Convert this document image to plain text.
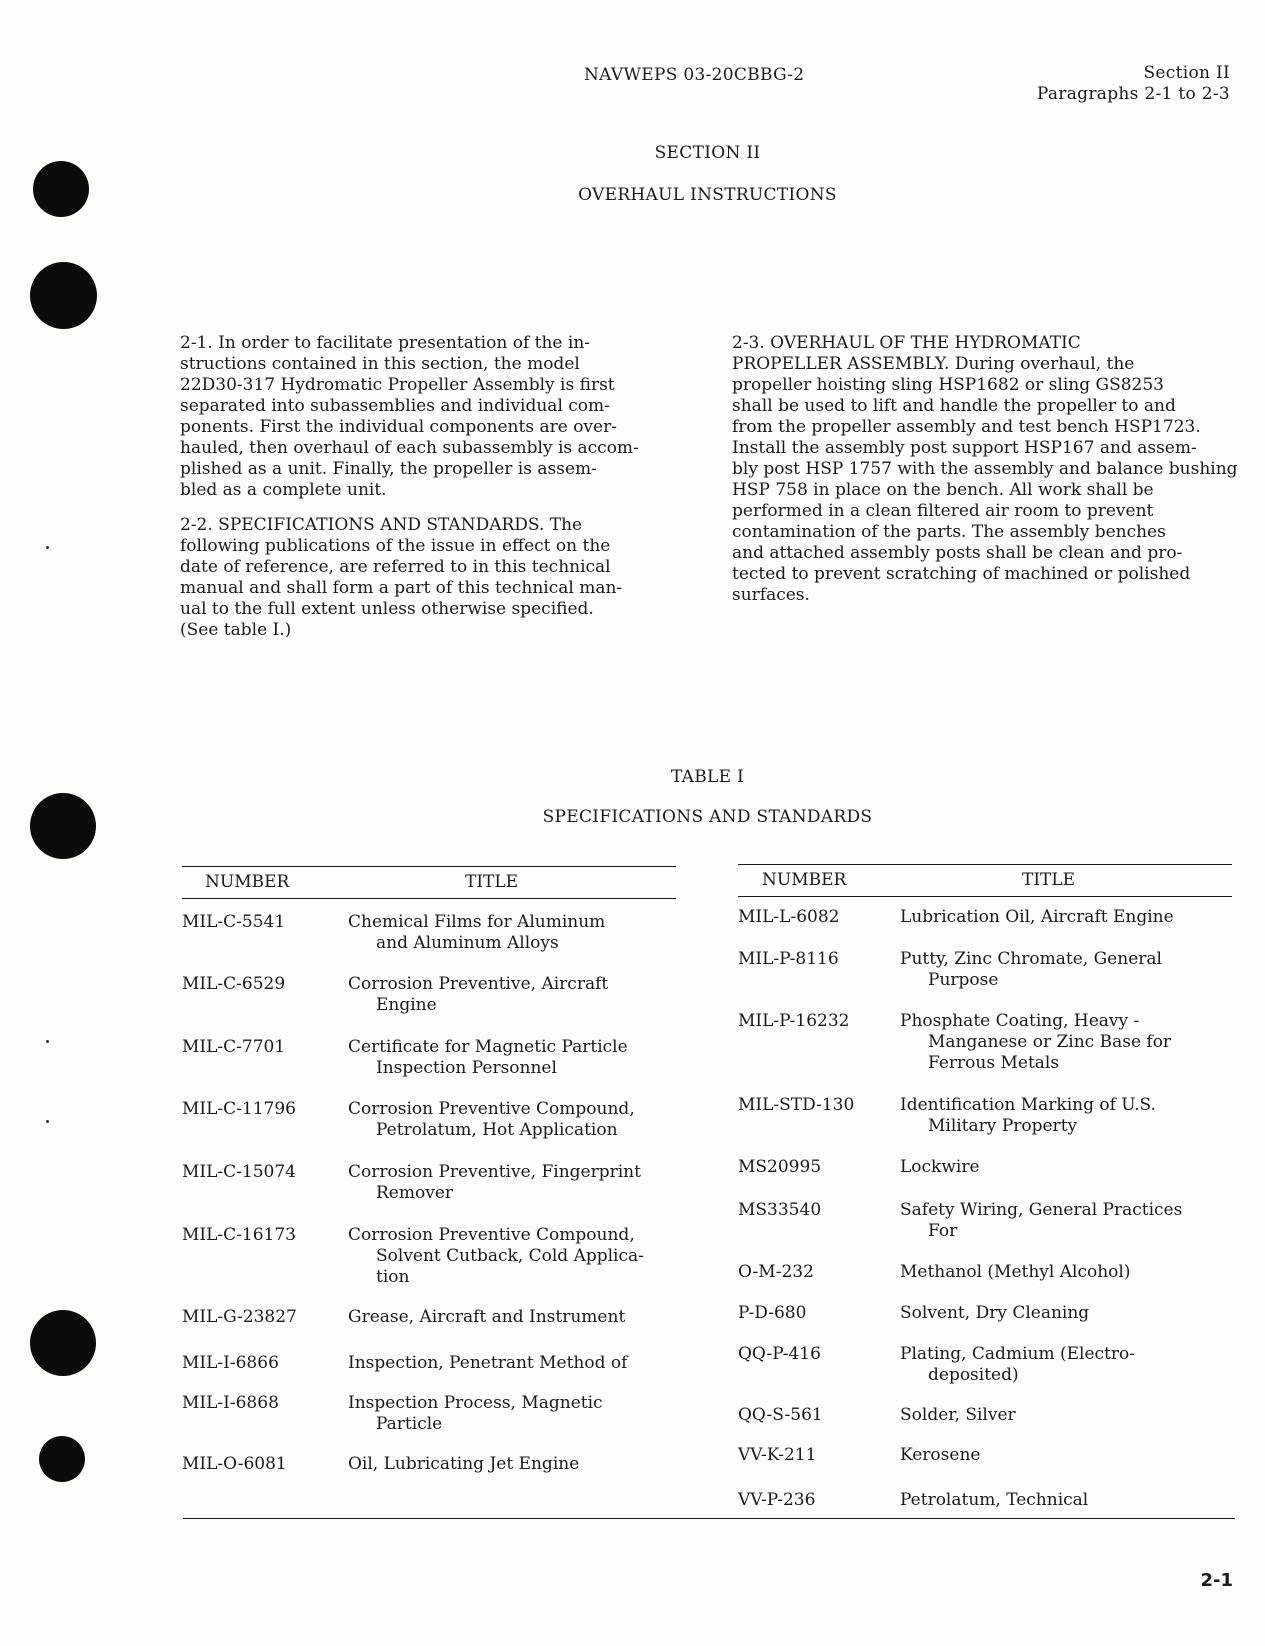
NAVWEPS 03-20CBBG-2	Section II
Paragraphs 2-1 to 2-3
SECTION II
OVERHAUL INSTRUCTIONS

2-1. In order to facilitate presentation of the in-
structions contained in this section, the model
22D30-317 Hydromatic Propeller Assembly is first
separated into subassemblies and individual com-
ponents. First the individual components are over-
hauled, then overhaul of each subassembly is accom-
plished as a unit. Finally, the propeller is assem-
bled as a complete unit.

2-2. SPECIFICATIONS AND STANDARDS. The
following publications of the issue in effect on the
date of reference, are referred to in this technical
manual and shall form a part of this technical man-
ual to the full extent unless otherwise specified.
(See table I.)

2-3. OVERHAUL OF THE HYDROMATIC
PROPELLER ASSEMBLY. During overhaul, the
propeller hoisting sling HSP1682 or sling GS8253
shall be used to lift and handle the propeller to and
from the propeller assembly and test bench HSP1723.
Install the assembly post support HSP167 and assem-
bly post HSP 1757 with the assembly and balance bushing
HSP 758 in place on the bench. All work shall be
performed in a clean filtered air room to prevent
contamination of the parts. The assembly benches
and attached assembly posts shall be clean and pro-
tected to prevent scratching of machined or polished
surfaces.

TABLE I
SPECIFICATIONS AND STANDARDS
NUMBER	TITLE
MIL-C-5541	Chemical Films for Aluminum
and Aluminum Alloys
MIL-C-6529	Corrosion Preventive, Aircraft
Engine
MIL-C-7701	Certificate for Magnetic Particle
Inspection Personnel
MIL-C-11796	Corrosion Preventive Compound,
Petrolatum, Hot Application
MIL-C-15074	Corrosion Preventive, Fingerprint
Remover
MIL-C-16173	Corrosion Preventive Compound,
Solvent Cutback, Cold Applica-
tion
MIL-G-23827	Grease, Aircraft and Instrument
MIL-I-6866	Inspection, Penetrant Method of
MIL-I-6868	Inspection Process, Magnetic
Particle
MIL-O-6081	Oil, Lubricating Jet Engine
NUMBER	TITLE
MIL-L-6082	Lubrication Oil, Aircraft Engine
MIL-P-8116	Putty, Zinc Chromate, General
Purpose
MIL-P-16232	Phosphate Coating, Heavy -
Manganese or Zinc Base for
Ferrous Metals
MIL-STD-130	Identification Marking of U.S.
Military Property
MS20995	Lockwire
MS33540	Safety Wiring, General Practices
For
O-M-232	Methanol (Methyl Alcohol)
P-D-680	Solvent, Dry Cleaning
QQ-P-416	Plating, Cadmium (Electro-
deposited)
QQ-S-561	Solder, Silver
VV-K-211	Kerosene
VV-P-236	Petrolatum, Technical
2-1
